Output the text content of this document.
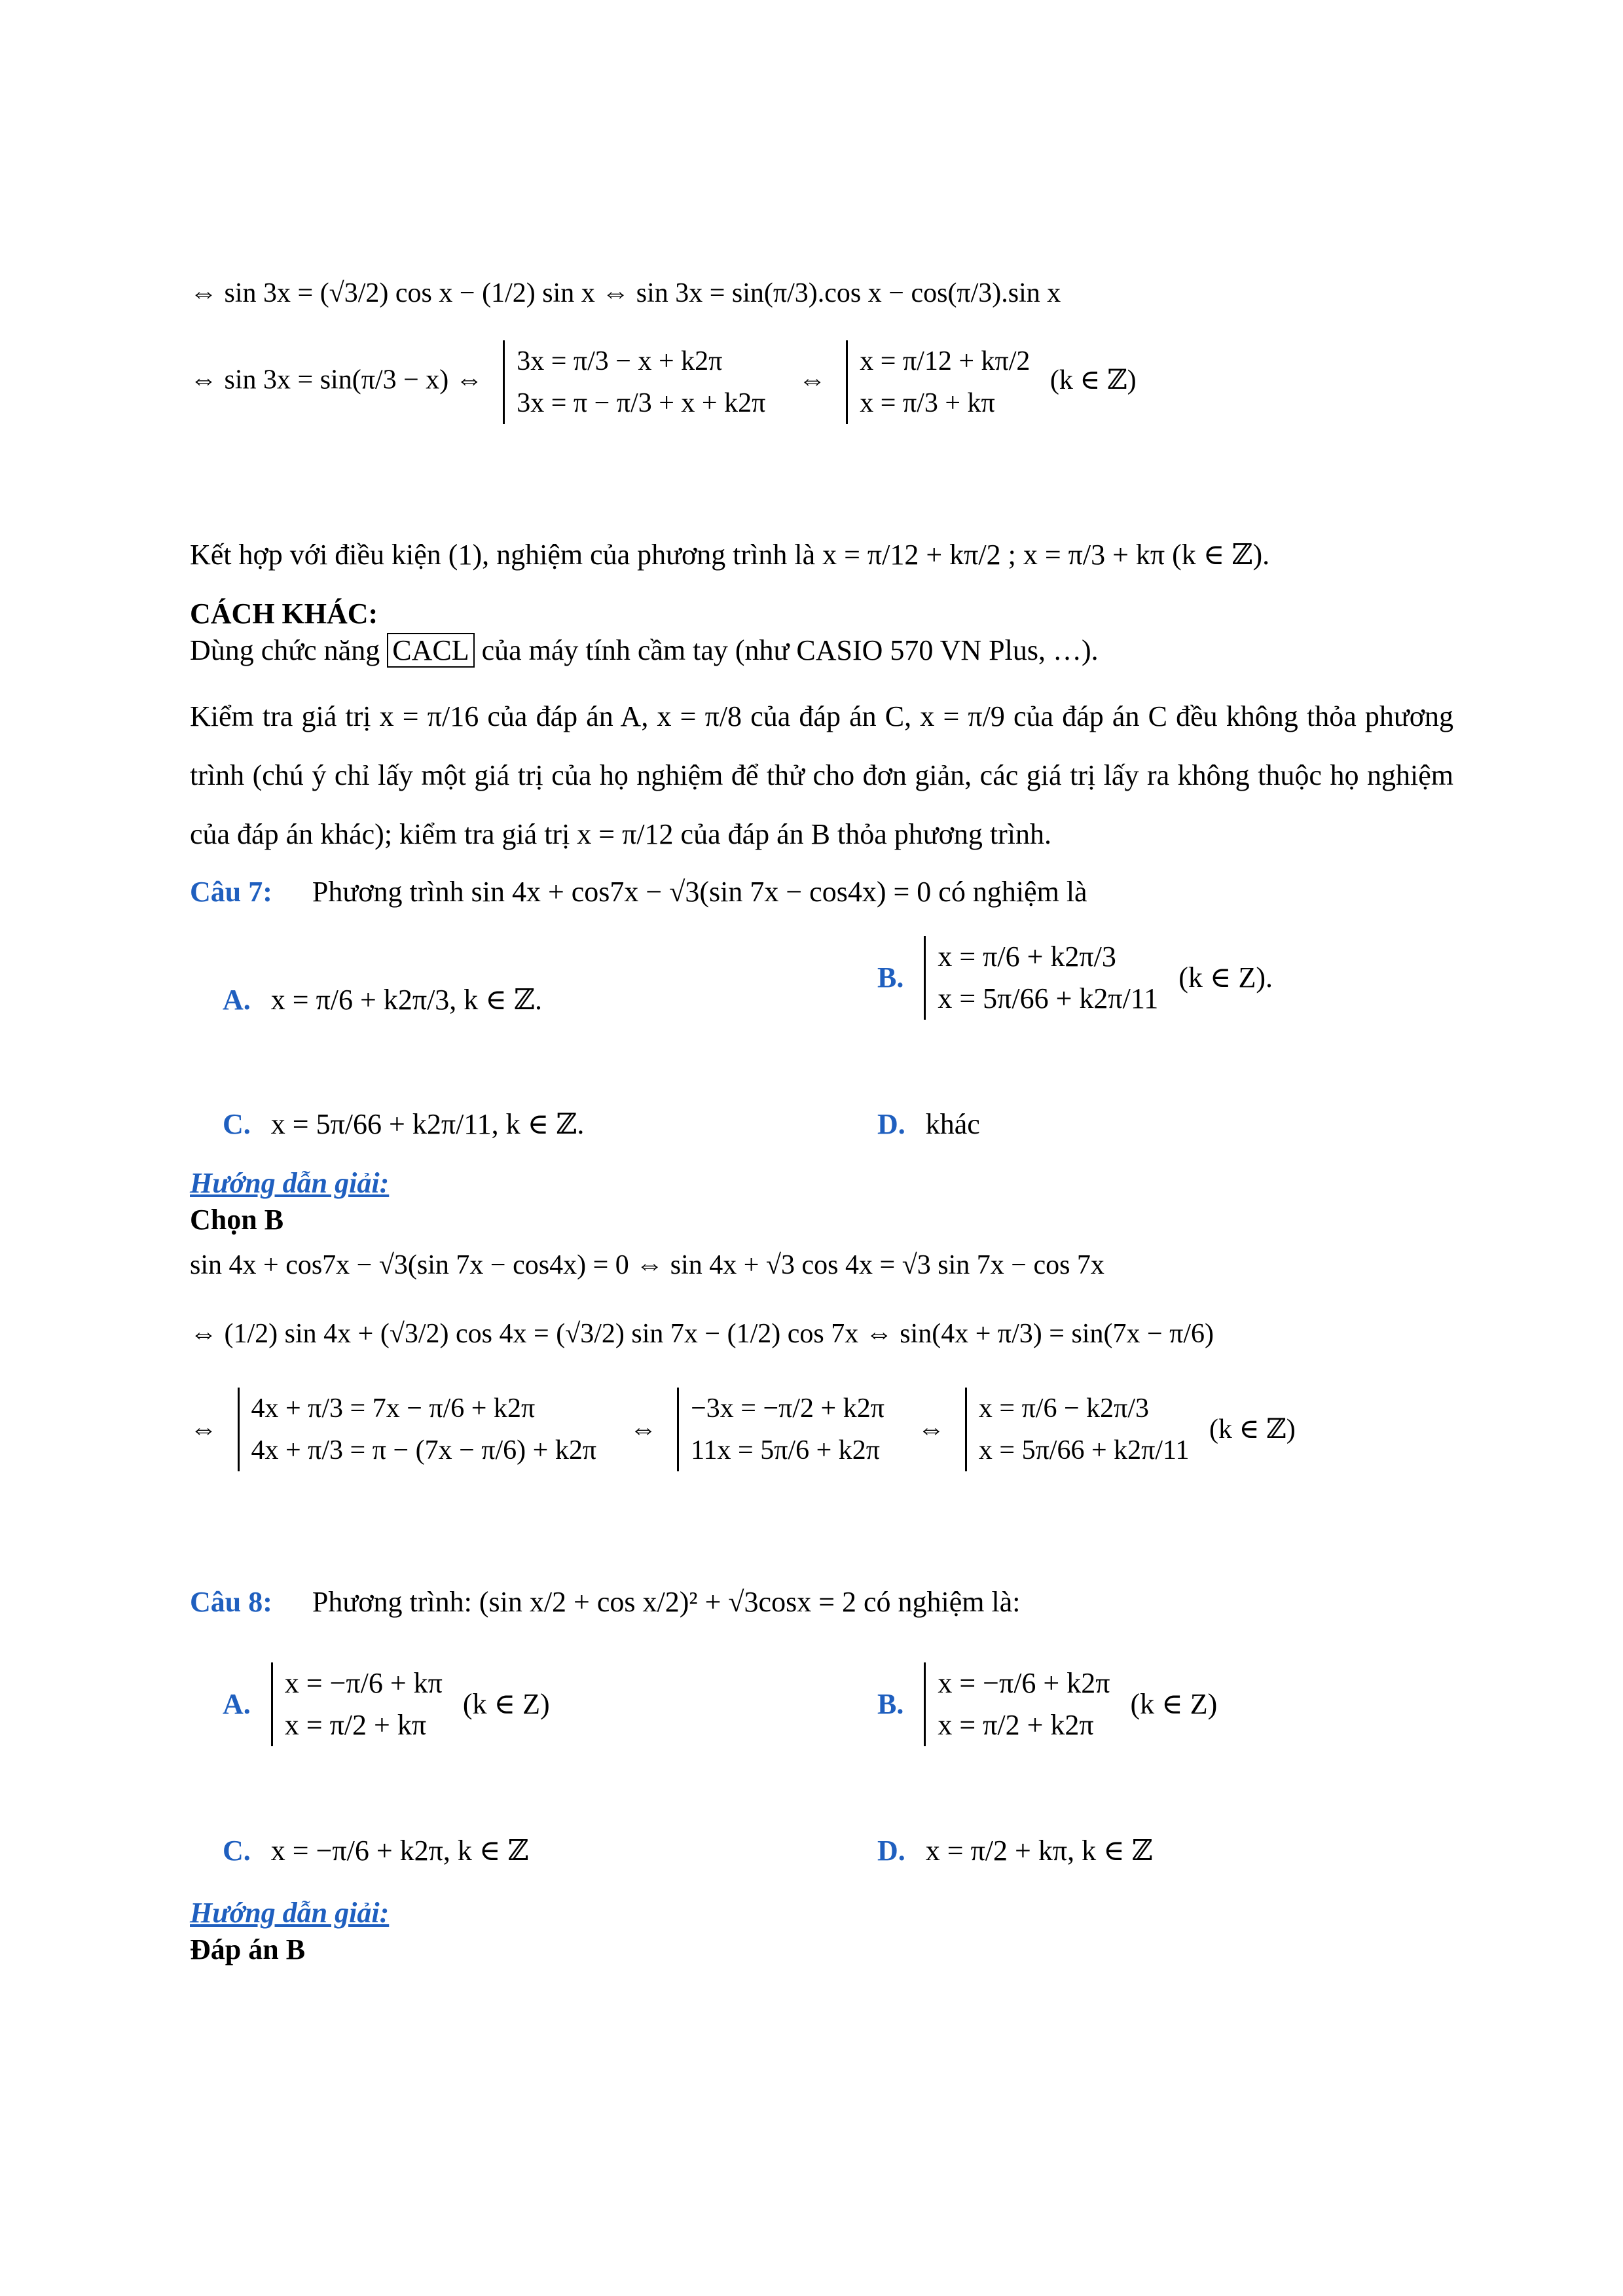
⇔ sin 3x = (√3/2) cos x − (1/2) sin x ⇔ sin 3x = sin(π/3).cos x − cos(π/3).sin x
⇔ sin 3x = sin(π/3 − x) ⇔
3x = π/3 − x + k2π
3x = π − π/3 + x + k2π
⇔
x = π/12 + kπ/2
x = π/3 + kπ
(k ∈ ℤ)
Kết hợp với điều kiện (1), nghiệm của phương trình là x = π/12 + kπ/2 ; x = π/3 + kπ (k ∈ ℤ).
CÁCH KHÁC:
Dùng chức năng CACL của máy tính cầm tay (như CASIO 570 VN Plus, …).
Kiểm tra giá trị x = π/16 của đáp án A, x = π/8 của đáp án C, x = π/9 của đáp án C đều không thỏa phương trình (chú ý chỉ lấy một giá trị của họ nghiệm để thử cho đơn giản, các giá trị lấy ra không thuộc họ nghiệm của đáp án khác); kiểm tra giá trị x = π/12 của đáp án B thỏa phương trình.
Câu 7: Phương trình sin 4x + cos7x − √3(sin 7x − cos4x) = 0 có nghiệm là
A. x = π/6 + k2π/3, k ∈ ℤ.
B.
x = π/6 + k2π/3
x = 5π/66 + k2π/11
(k ∈ Z).
C. x = 5π/66 + k2π/11, k ∈ ℤ.	D. khác
Hướng dẫn giải:
Chọn B
sin 4x + cos7x − √3(sin 7x − cos4x) = 0 ⇔ sin 4x + √3 cos 4x = √3 sin 7x − cos 7x
⇔ (1/2) sin 4x + (√3/2) cos 4x = (√3/2) sin 7x − (1/2) cos 7x ⇔ sin(4x + π/3) = sin(7x − π/6)
⇔
4x + π/3 = 7x − π/6 + k2π
4x + π/3 = π − (7x − π/6) + k2π
⇔
−3x = −π/2 + k2π
11x = 5π/6 + k2π
⇔
x = π/6 − k2π/3
x = 5π/66 + k2π/11
(k ∈ ℤ)
Câu 8: Phương trình: (sin x/2 + cos x/2)² + √3cosx = 2 có nghiệm là:
A.
x = −π/6 + kπ
x = π/2 + kπ
(k ∈ Z)	B.
x = −π/6 + k2π
x = π/2 + k2π
(k ∈ Z)
C. x = −π/6 + k2π, k ∈ ℤ	D. x = π/2 + kπ, k ∈ ℤ
Hướng dẫn giải:
Đáp án B
